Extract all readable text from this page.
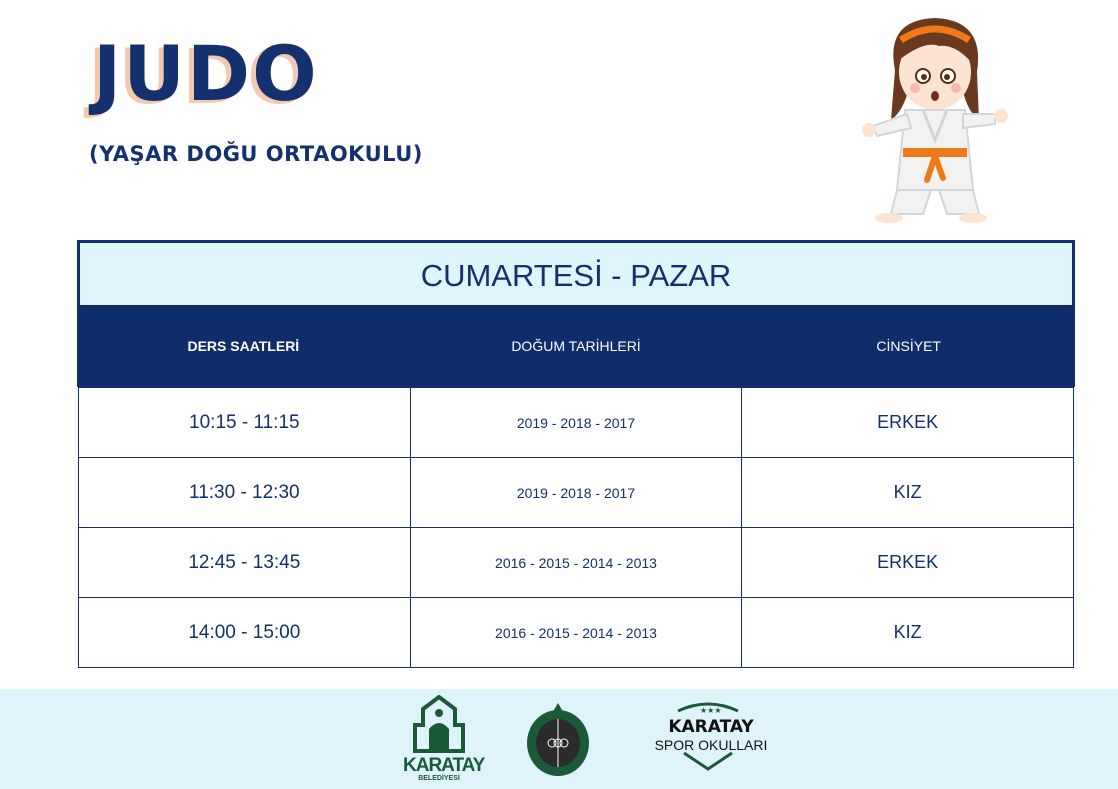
JUDO
(YAŞAR DOĞU ORTAOKULU)
CUMARTESİ - PAZAR
DERS SAATLERİ	DOĞUM TARİHLERİ	CİNSİYET
10:15 - 11:15	2019 - 2018 - 2017	ERKEK
11:30 - 12:30	2019 - 2018 - 2017	KIZ
12:45 - 13:45	2016 - 2015 - 2014 - 2013	ERKEK
14:00 - 15:00	2016 - 2015 - 2014 - 2013	KIZ
KARATAY
BELEDİYESİ
★★★
KARATAY
SPOR OKULLARI
